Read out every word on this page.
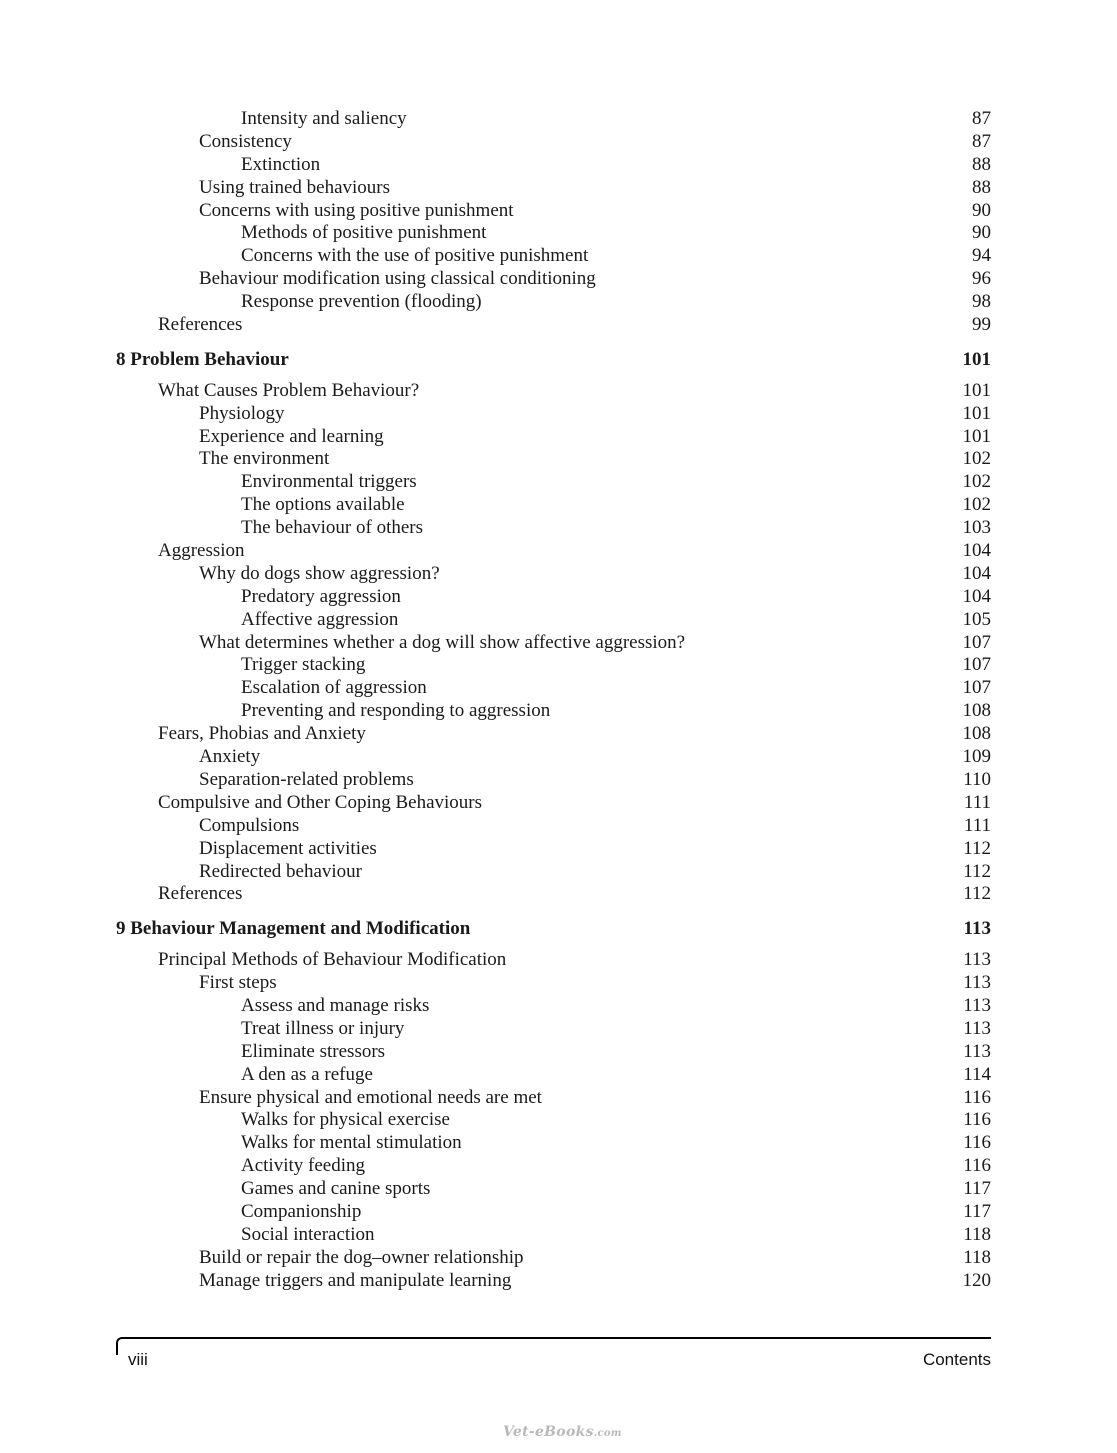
Intensity and saliency	87
Consistency	87
Extinction	88
Using trained behaviours	88
Concerns with using positive punishment	90
Methods of positive punishment	90
Concerns with the use of positive punishment	94
Behaviour modification using classical conditioning	96
Response prevention (flooding)	98
References	99
8 Problem Behaviour	101
What Causes Problem Behaviour?	101
Physiology	101
Experience and learning	101
The environment	102
Environmental triggers	102
The options available	102
The behaviour of others	103
Aggression	104
Why do dogs show aggression?	104
Predatory aggression	104
Affective aggression	105
What determines whether a dog will show affective aggression?	107
Trigger stacking	107
Escalation of aggression	107
Preventing and responding to aggression	108
Fears, Phobias and Anxiety	108
Anxiety	109
Separation-related problems	110
Compulsive and Other Coping Behaviours	111
Compulsions	111
Displacement activities	112
Redirected behaviour	112
References	112
9 Behaviour Management and Modification	113
Principal Methods of Behaviour Modification	113
First steps	113
Assess and manage risks	113
Treat illness or injury	113
Eliminate stressors	113
A den as a refuge	114
Ensure physical and emotional needs are met	116
Walks for physical exercise	116
Walks for mental stimulation	116
Activity feeding	116
Games and canine sports	117
Companionship	117
Social interaction	118
Build or repair the dog–owner relationship	118
Manage triggers and manipulate learning	120
viii	Contents
Vet-eBooks.com
